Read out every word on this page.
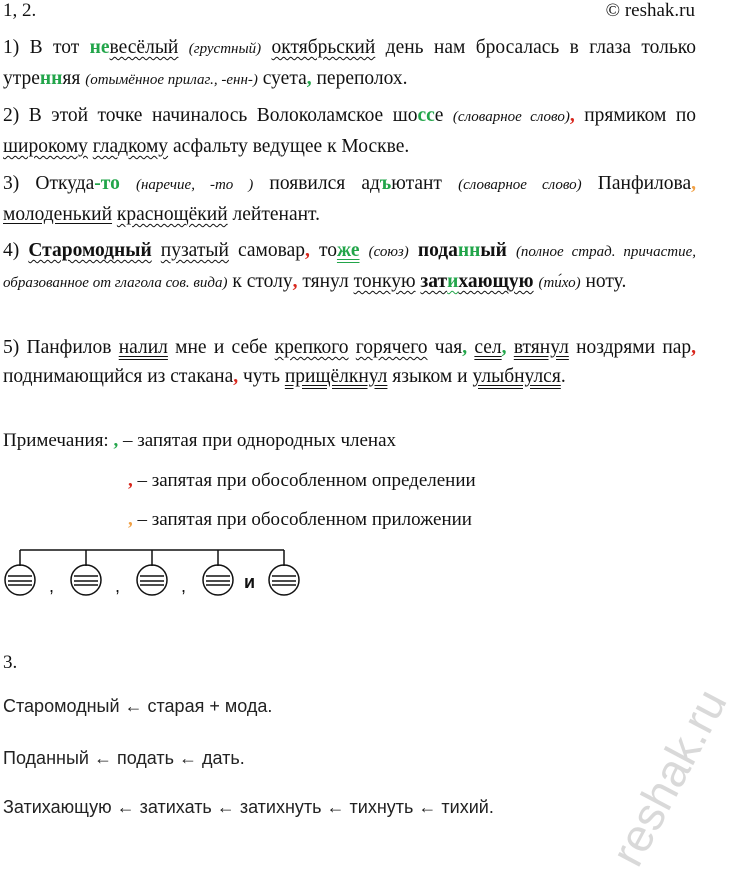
1, 2.	© reshak.ru
1) В тот невесёлый (грустный) октябрьский день нам бросалась в глаза только утренняя (отымённое прилаг., -енн-) суета, переполох.
2) В этой точке начиналось Волоколамское шоссе (словарное слово), прямиком по широкому гладкому асфальту ведущее к Москве.
3) Откуда-то (наречие, -то ) появился адъютант (словарное слово) Панфилова, молоденький краснощёкий лейтенант.
4) Старомодный пузатый самовар, тоже (союз) поданный (полное страд. причастие, образованное от глагола сов. вида) к столу, тянул тонкую затихающую (ти́хо) ноту.
5) Панфилов налил мне и себе крепкого горячего чая, сел, втянул ноздрями пар, поднимающийся из стакана, чуть прищёлкнул языком и улыбнулся.
Примечания: , – запятая при однородных членах
, – запятая при обособленном определении
, – запятая при обособленном приложении
,	,	,	и
3.
Старомодный ← старая + мода.
Поданный ← подать ← дать.
Затихающую ← затихать ← затихнуть ← тихнуть ← тихий. reshak.ru
